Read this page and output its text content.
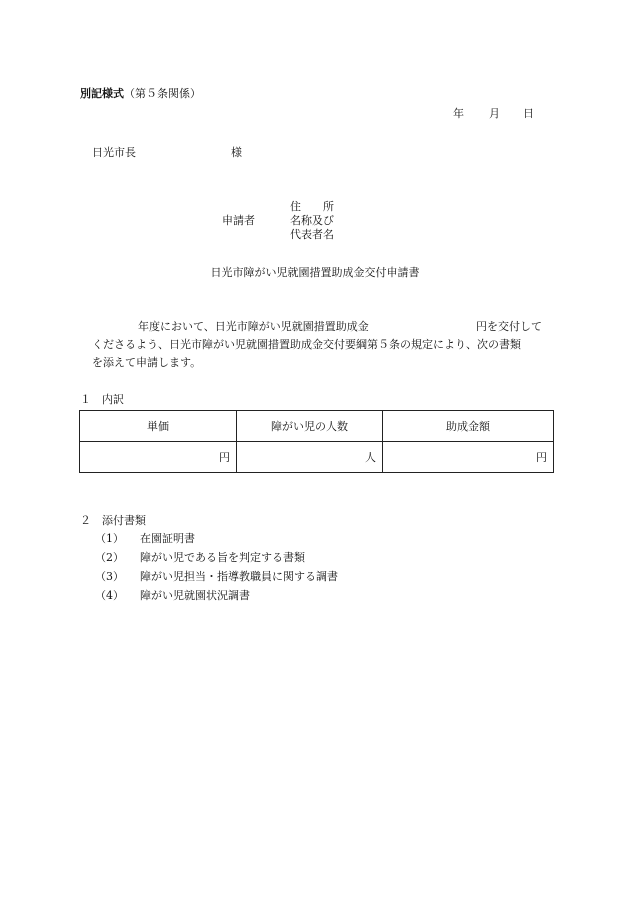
別記様式（第５条関係）
年 月 日
日光市長	様
住　　所
申請者	名称及び
代表者名
日光市障がい児就園措置助成金交付申請書
年度において、日光市障がい児就園措置助成金	円を交付して
くださるよう、日光市障がい児就園措置助成金交付要綱第５条の規定により、次の書類
を添えて申請します。
１　内訳
単価	障がい児の人数	助成金額
円	人	円
２　添付書類
（1） 在園証明書
（2） 障がい児である旨を判定する書類
（3） 障がい児担当・指導教職員に関する調書
（4） 障がい児就園状況調書
